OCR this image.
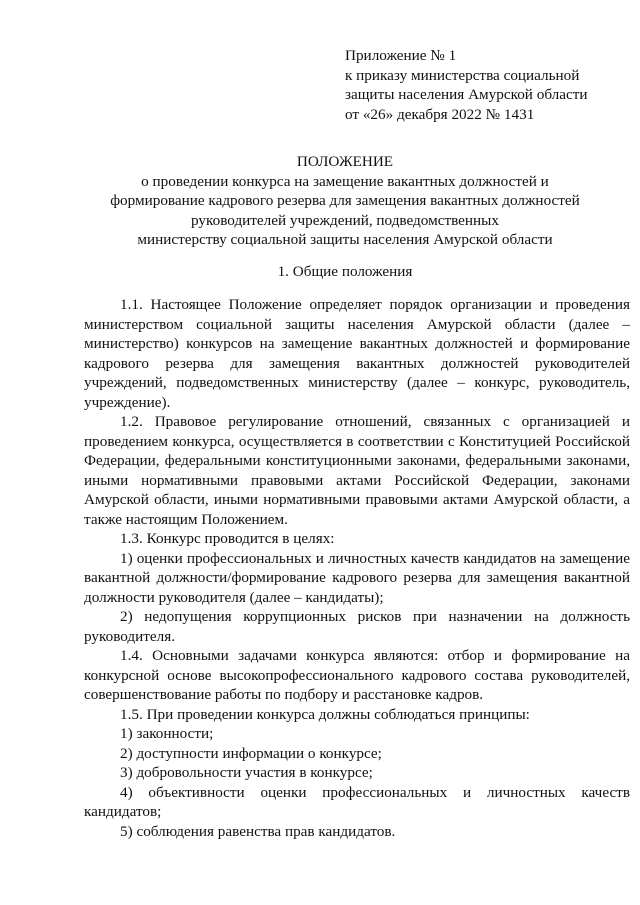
Приложение № 1
к приказу министерства социальной
защиты населения Амурской области
от «26» декабря 2022 № 1431
ПОЛОЖЕНИЕ
о проведении конкурса на замещение вакантных должностей и
формирование кадрового резерва для замещения вакантных должностей
руководителей учреждений, подведомственных
министерству социальной защиты населения Амурской области
1. Общие положения

1.1. Настоящее Положение определяет порядок организации и проведения министерством социальной защиты населения Амурской области (далее – министерство) конкурсов на замещение вакантных должностей и формирование кадрового резерва для замещения вакантных должностей руководителей учреждений, подведомственных министерству (далее – конкурс, руководитель, учреждение).

1.2. Правовое регулирование отношений, связанных с организацией и проведением конкурса, осуществляется в соответствии с Конституцией Российской Федерации, федеральными конституционными законами, федеральными законами, иными нормативными правовыми актами Российской Федерации, законами Амурской области, иными нормативными правовыми актами Амурской области, а также настоящим Положением.

1.3. Конкурс проводится в целях:

1) оценки профессиональных и личностных качеств кандидатов на замещение вакантной должности/формирование кадрового резерва для замещения вакантной должности руководителя (далее – кандидаты);

2) недопущения коррупционных рисков при назначении на должность руководителя.

1.4. Основными задачами конкурса являются: отбор и формирование на конкурсной основе высокопрофессионального кадрового состава руководителей, совершенствование работы по подбору и расстановке кадров.

1.5. При проведении конкурса должны соблюдаться принципы:

1) законности;

2) доступности информации о конкурсе;

3) добровольности участия в конкурсе;

4) объективности оценки профессиональных и личностных качеств кандидатов;

5) соблюдения равенства прав кандидатов.
